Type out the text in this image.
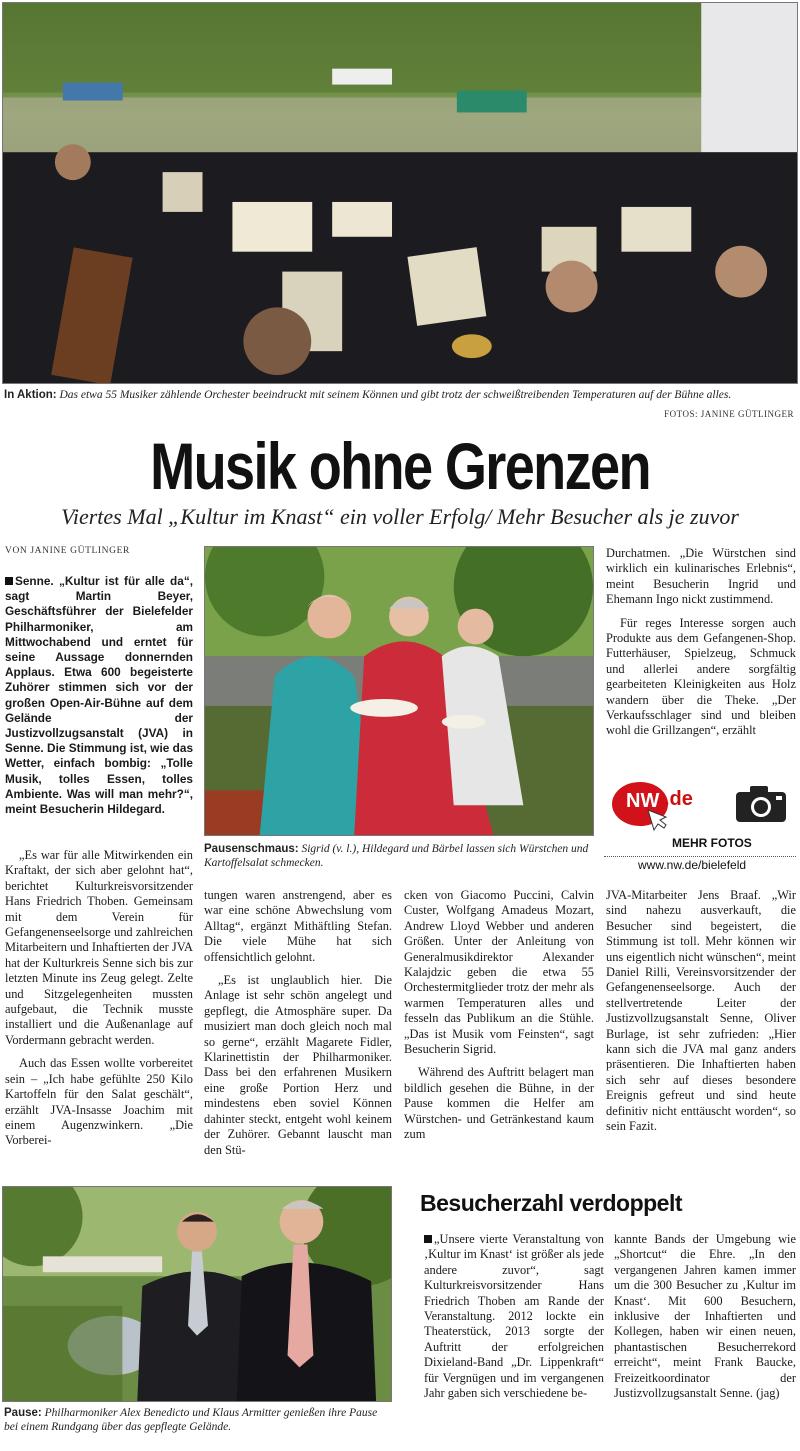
In Aktion: Das etwa 55 Musiker zählende Orchester beeindruckt mit seinem Können und gibt trotz der schweißtreibenden Temperaturen auf der Bühne alles.
FOTOS: JANINE GÜTLINGER
Musik ohne Grenzen
Viertes Mal „Kultur im Knast“ ein voller Erfolg/ Mehr Besucher als je zuvor
VON JANINE GÜTLINGER

Senne. „Kultur ist für alle da“, sagt Martin Beyer, Geschäftsführer der Bielefelder Philharmoniker, am Mittwochabend und erntet für seine Aussage donnernden Applaus. Etwa 600 begeisterte Zuhörer stimmen sich vor der großen Open-Air-Bühne auf dem Gelände der Justizvollzugsanstalt (JVA) in Senne. Die Stimmung ist, wie das Wetter, einfach bombig: „Tolle Musik, tolles Essen, tolles Ambiente. Was will man mehr?“, meint Besucherin Hildegard.

„Es war für alle Mitwirkenden ein Kraftakt, der sich aber gelohnt hat“, berichtet Kulturkreisvorsitzender Hans Friedrich Thoben. Gemeinsam mit dem Verein für Gefangenenseelsorge und zahlreichen Mitarbeitern und Inhaftierten der JVA hat der Kulturkreis Senne sich bis zur letzten Minute ins Zeug gelegt. Zelte und Sitzgelegenheiten mussten aufgebaut, die Technik musste installiert und die Außenanlage auf Vordermann gebracht werden.

Auch das Essen wollte vorbereitet sein – „Ich habe gefühlte 250 Kilo Kartoffeln für den Salat geschält“, erzählt JVA-Insasse Joachim mit einem Augenzwinkern. „Die Vorberei-

Pausenschmaus: Sigrid (v. l.), Hildegard und Bärbel lassen sich Würstchen und Kartoffelsalat schmecken.

tungen waren anstrengend, aber es war eine schöne Abwechslung vom Alltag“, ergänzt Mithäftling Stefan. Die viele Mühe hat sich offensichtlich gelohnt.

„Es ist unglaublich hier. Die Anlage ist sehr schön angelegt und gepflegt, die Atmosphäre super. Da musiziert man doch gleich noch mal so gerne“, erzählt Magarete Fidler, Klarinettistin der Philharmoniker. Dass bei den erfahrenen Musikern eine große Portion Herz und mindestens eben soviel Können dahinter steckt, entgeht wohl keinem der Zuhörer. Gebannt lauscht man den Stü-

cken von Giacomo Puccini, Calvin Custer, Wolfgang Amadeus Mozart, Andrew Lloyd Webber und anderen Größen. Unter der Anleitung von Generalmusikdirektor Alexander Kalajdzic geben die etwa 55 Orchestermitglieder trotz der mehr als warmen Temperaturen alles und fesseln das Publikum an die Stühle. „Das ist Musik vom Feinsten“, sagt Besucherin Sigrid.

Während des Auftritt belagert man bildlich gesehen die Bühne, in der Pause kommen die Helfer am Würstchen- und Getränkestand kaum zum

Durchatmen. „Die Würstchen sind wirklich ein kulinarisches Erlebnis“, meint Besucherin Ingrid und Ehemann Ingo nickt zustimmend.

Für reges Interesse sorgen auch Produkte aus dem Gefangenen-Shop. Futterhäuser, Spielzeug, Schmuck und allerlei andere sorgfältig gearbeiteten Kleinigkeiten aus Holz wandern über die Theke. „Der Verkaufsschlager sind und bleiben wohl die Grillzangen“, erzählt

NW .de
MEHR FOTOS
www.nw.de/bielefeld

JVA-Mitarbeiter Jens Braaf. „Wir sind nahezu ausverkauft, die Besucher sind begeistert, die Stimmung ist toll. Mehr können wir uns eigentlich nicht wünschen“, meint Daniel Rilli, Vereinsvorsitzender der Gefangenenseelsorge. Auch der stellvertretende Leiter der Justizvollzugsanstalt Senne, Oliver Burlage, ist sehr zufrieden: „Hier kann sich die JVA mal ganz anders präsentieren. Die Inhaftierten haben sich sehr auf dieses besondere Ereignis gefreut und sind heute definitiv nicht enttäuscht worden“, so sein Fazit.

Pause: Philharmoniker Alex Benedicto und Klaus Armitter genießen ihre Pause bei einem Rundgang über das gepflegte Gelände.
Besucherzahl verdoppelt

„Unsere vierte Veranstaltung von ‚Kultur im Knast‘ ist größer als jede andere zuvor“, sagt Kulturkreisvorsitzender Hans Friedrich Thoben am Rande der Veranstaltung. 2012 lockte ein Theaterstück, 2013 sorgte der Auftritt der erfolgreichen Dixieland-Band „Dr. Lippenkraft“ für Vergnügen und im vergangenen Jahr gaben sich verschiedene be-

kannte Bands der Umgebung wie „Shortcut“ die Ehre. „In den vergangenen Jahren kamen immer um die 300 Besucher zu ‚Kultur im Knast‘. Mit 600 Besuchern, inklusive der Inhaftierten und Kollegen, haben wir einen neuen, phantastischen Besucherrekord erreicht“, meint Frank Baucke, Freizeitkoordinator der Justizvollzugsanstalt Senne. (jag)
